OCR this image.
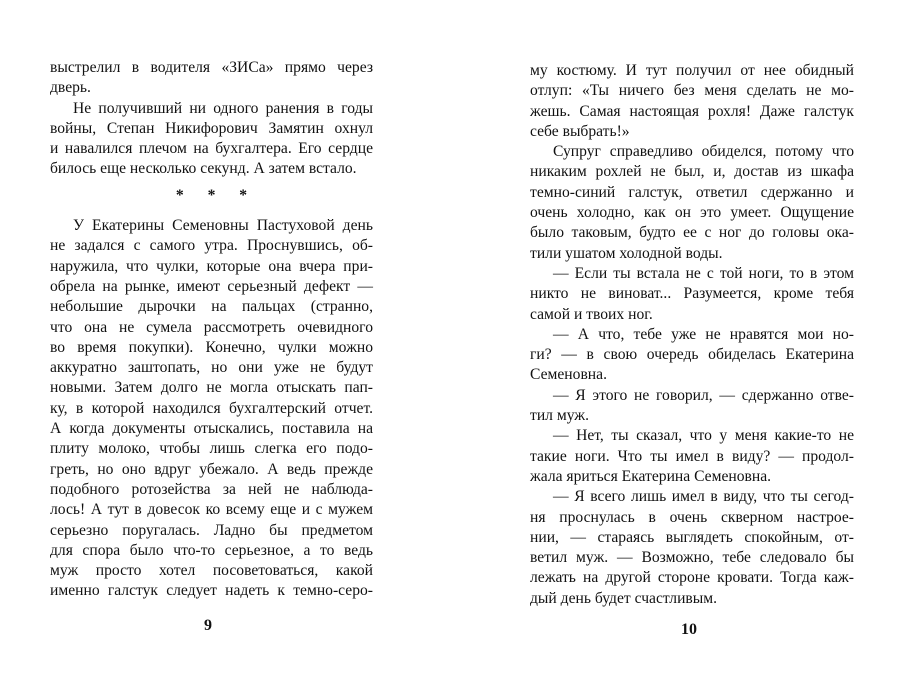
выстрелил в водителя «ЗИСа» прямо через
дверь.
Не получивший ни одного ранения в годы
войны, Степан Никифорович Замятин охнул
и навалился плечом на бухгалтера. Его сердце
билось еще несколько секунд. А затем встало.
* * *
У Екатерины Семеновны Пастуховой день
не задался с самого утра. Проснувшись, об-
наружила, что чулки, которые она вчера при-
обрела на рынке, имеют серьезный дефект —
небольшие дырочки на пальцах (странно,
что она не сумела рассмотреть очевидного
во время покупки). Конечно, чулки можно
аккуратно заштопать, но они уже не будут
новыми. Затем долго не могла отыскать пап-
ку, в которой находился бухгалтерский отчет.
А когда документы отыскались, поставила на
плиту молоко, чтобы лишь слегка его подо-
греть, но оно вдруг убежало. А ведь прежде
подобного ротозейства за ней не наблюда-
лось! А тут в довесок ко всему еще и с мужем
серьезно поругалась. Ладно бы предметом
для спора было что-то серьезное, а то ведь
муж просто хотел посоветоваться, какой
именно галстук следует надеть к темно-серо-
9
му костюму. И тут получил от нее обидный
отлуп: «Ты ничего без меня сделать не мо-
жешь. Самая настоящая рохля! Даже галстук
себе выбрать!»
Супруг справедливо обиделся, потому что
никаким рохлей не был, и, достав из шкафа
темно-синий галстук, ответил сдержанно и
очень холодно, как он это умеет. Ощущение
было таковым, будто ее с ног до головы ока-
тили ушатом холодной воды.
— Если ты встала не с той ноги, то в этом
никто не виноват... Разумеется, кроме тебя
самой и твоих ног.
— А что, тебе уже не нравятся мои но-
ги? — в свою очередь обиделась Екатерина
Семеновна.
— Я этого не говорил, — сдержанно отве-
тил муж.
— Нет, ты сказал, что у меня какие-то не
такие ноги. Что ты имел в виду? — продол-
жала яриться Екатерина Семеновна.
— Я всего лишь имел в виду, что ты сегод-
ня проснулась в очень скверном настрое-
нии, — стараясь выглядеть спокойным, от-
ветил муж. — Возможно, тебе следовало бы
лежать на другой стороне кровати. Тогда каж-
дый день будет счастливым.
10
